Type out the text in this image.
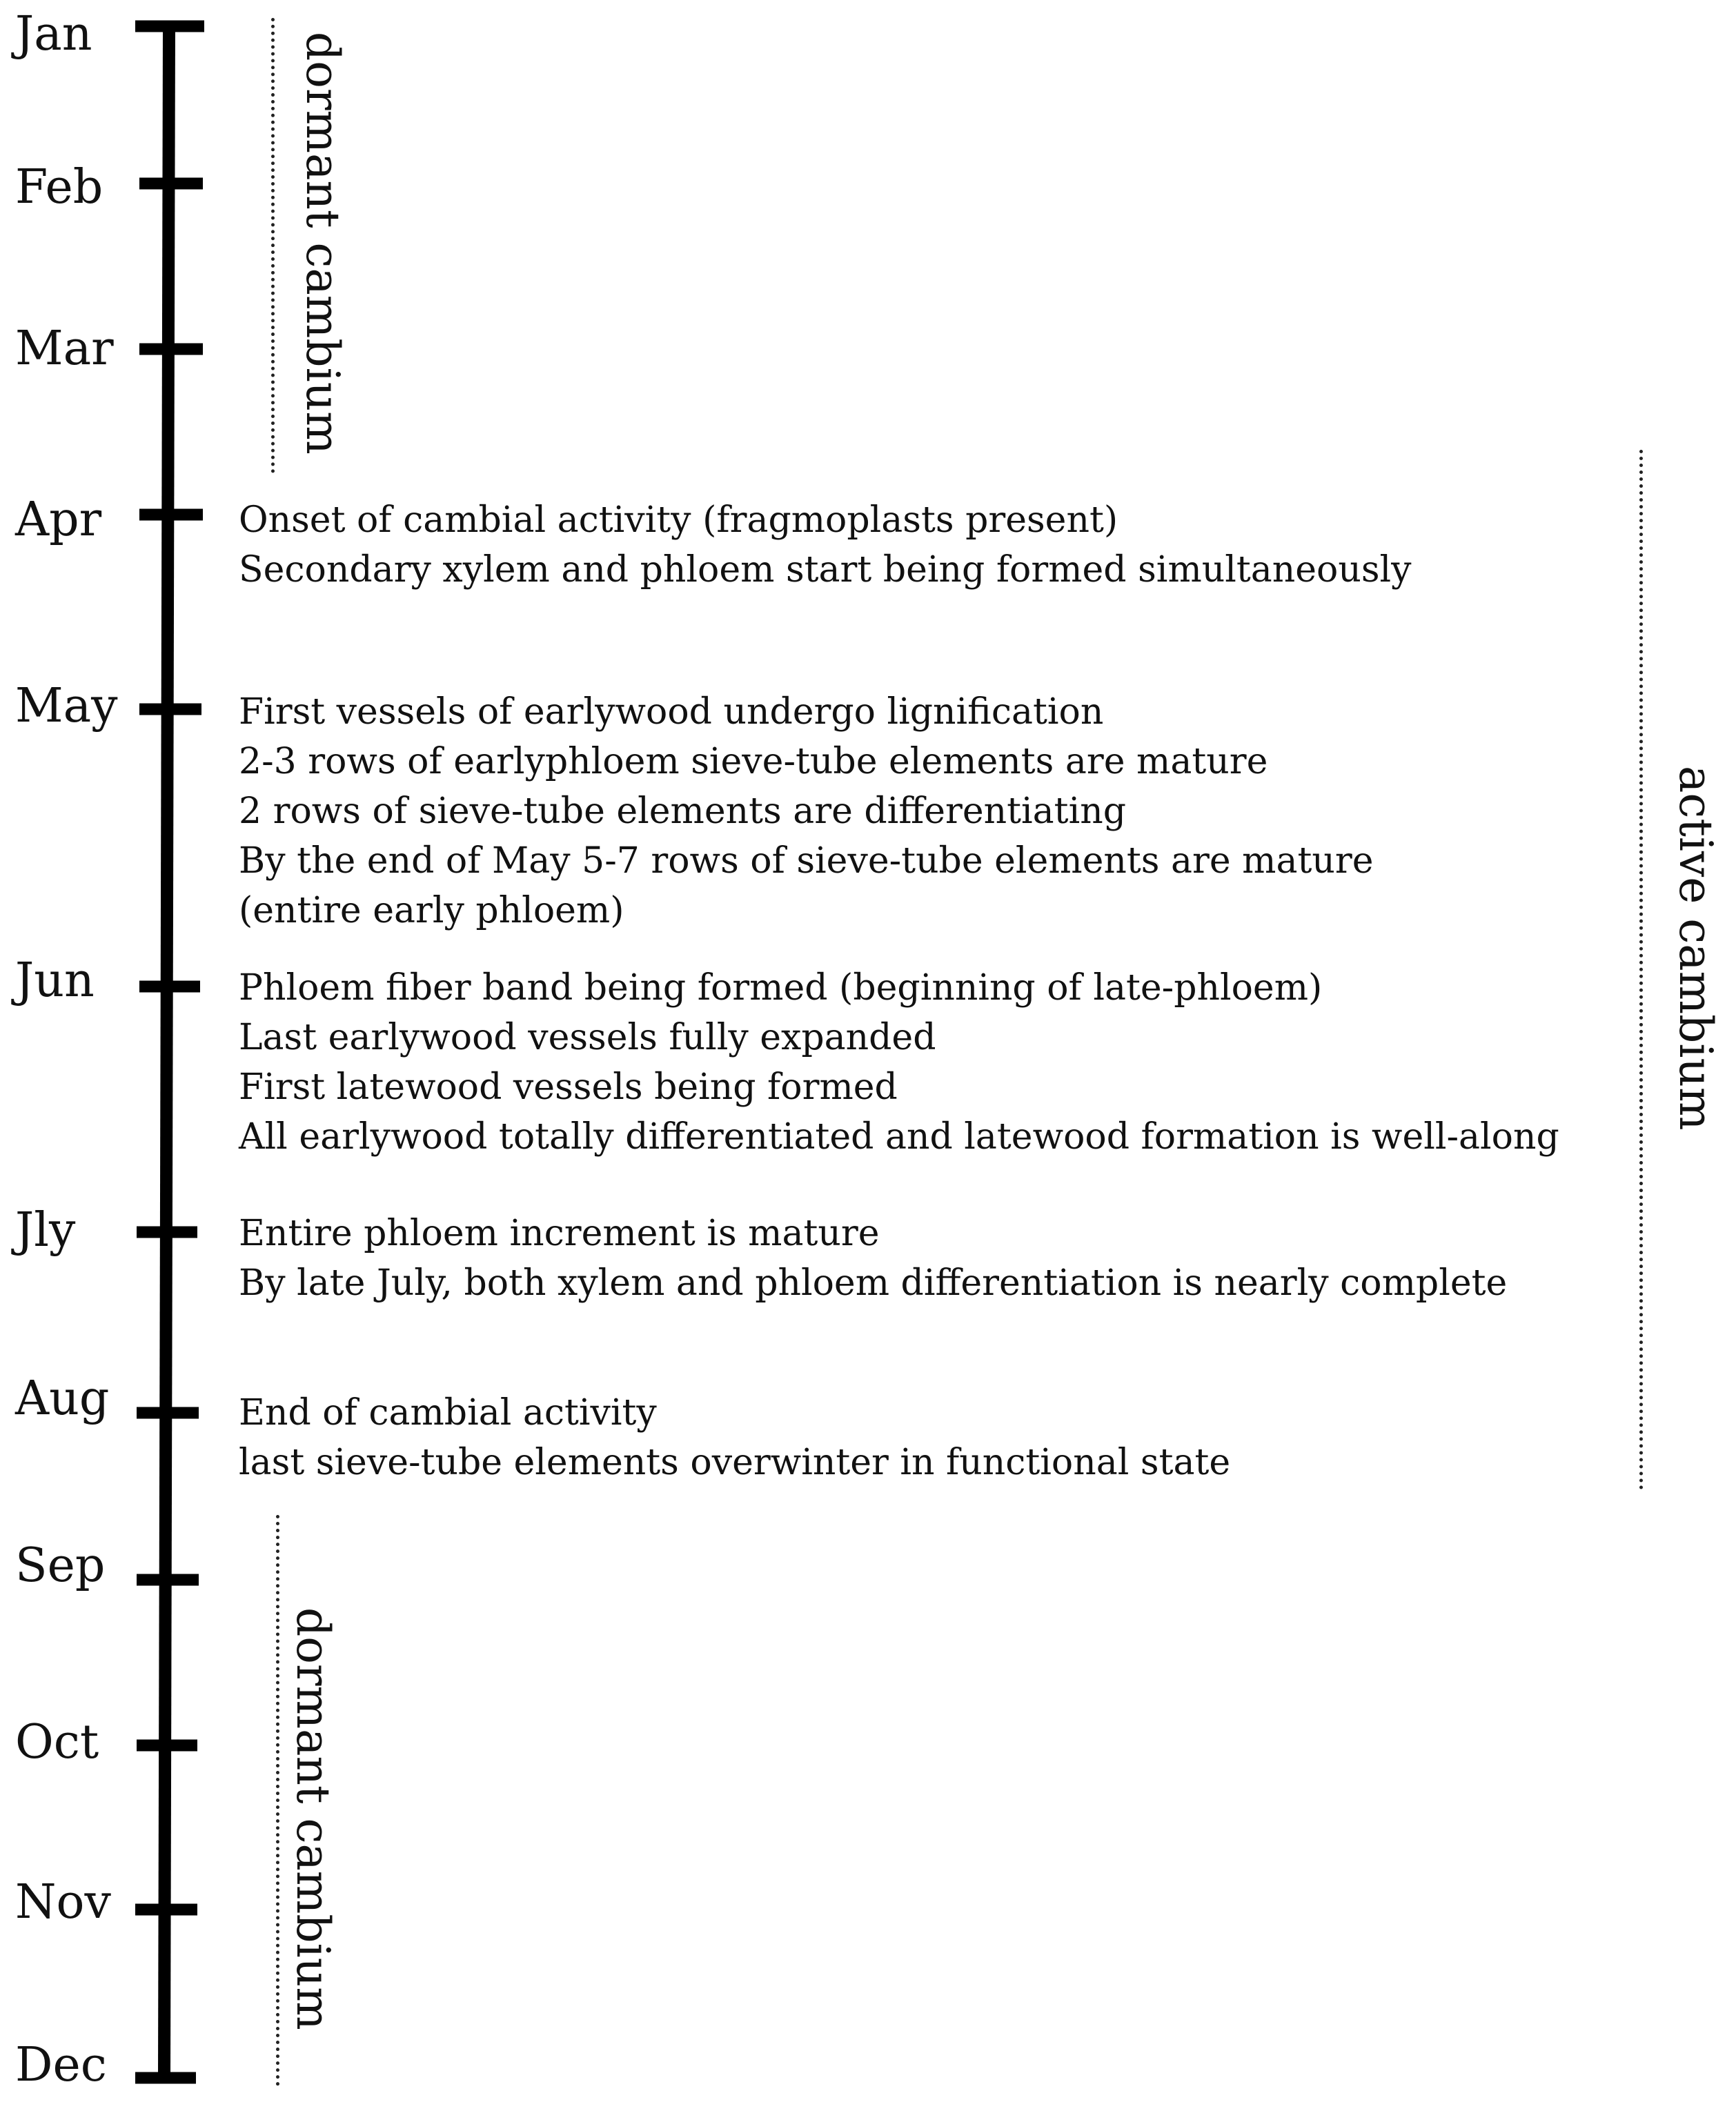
Jan
Feb
Mar
Apr
May
Jun
Jly
Aug
Sep
Oct
Nov
Dec
Onset of cambial activity (fragmoplasts present)
Secondary xylem and phloem start being formed simultaneously
First vessels of earlywood undergo lignification
2-3 rows of earlyphloem sieve-tube elements are mature
2 rows of sieve-tube elements are differentiating
By the end of May 5-7 rows of sieve-tube elements are mature (entire early phloem)
Phloem fiber band being formed (beginning of late-phloem)
Last earlywood vessels fully expanded
First latewood vessels being formed
All earlywood totally differentiated and latewood formation is well-along
Entire phloem increment is mature
By late July, both xylem and phloem differentiation is nearly complete
End of cambial activity
last sieve-tube elements overwinter in functional state
dormant cambium
active cambium
dormant cambium
